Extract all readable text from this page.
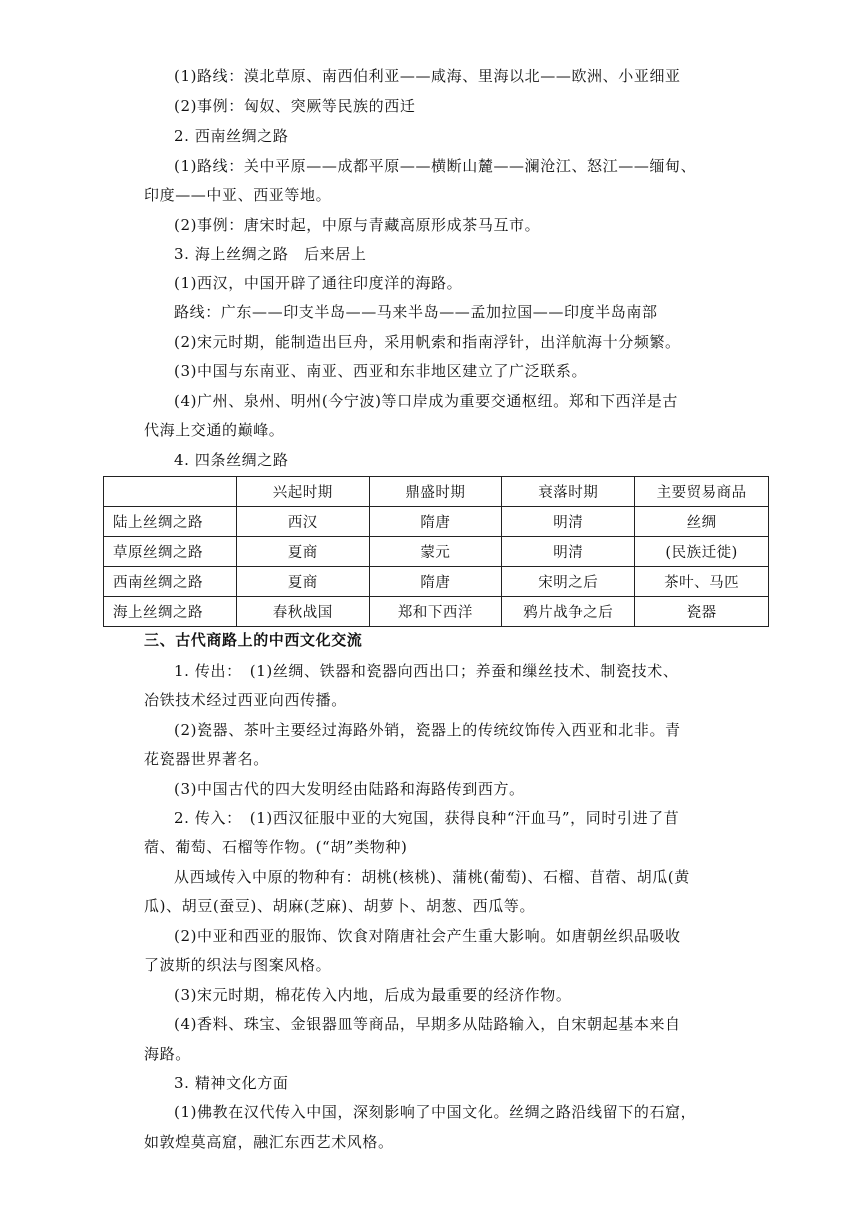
(1)路线：漠北草原、南西伯利亚——咸海、里海以北——欧洲、小亚细亚
(2)事例：匈奴、突厥等民族的西迁
2. 西南丝绸之路
(1)路线：关中平原——成都平原——横断山麓——澜沧江、怒江——缅甸、
印度——中亚、西亚等地。
(2)事例：唐宋时起，中原与青藏高原形成茶马互市。
3. 海上丝绸之路　后来居上
(1)西汉，中国开辟了通往印度洋的海路。
路线：广东——印支半岛——马来半岛——孟加拉国——印度半岛南部
(2)宋元时期，能制造出巨舟，采用帆索和指南浮针，出洋航海十分频繁。
(3)中国与东南亚、南亚、西亚和东非地区建立了广泛联系。
(4)广州、泉州、明州(今宁波)等口岸成为重要交通枢纽。郑和下西洋是古
代海上交通的巅峰。
4. 四条丝绸之路
	兴起时期	鼎盛时期	衰落时期	主要贸易商品
陆上丝绸之路	西汉	隋唐	明清	丝绸
草原丝绸之路	夏商	蒙元	明清	(民族迁徙)
西南丝绸之路	夏商	隋唐	宋明之后	茶叶、马匹
海上丝绸之路	春秋战国	郑和下西洋	鸦片战争之后	瓷器
三、古代商路上的中西文化交流
1. 传出：　(1)丝绸、铁器和瓷器向西出口；养蚕和缫丝技术、制瓷技术、
冶铁技术经过西亚向西传播。
(2)瓷器、茶叶主要经过海路外销，瓷器上的传统纹饰传入西亚和北非。青
花瓷器世界著名。
(3)中国古代的四大发明经由陆路和海路传到西方。
2. 传入：　(1)西汉征服中亚的大宛国，获得良种“汗血马”，同时引进了苜
蓿、葡萄、石榴等作物。(“胡”类物种)
从西域传入中原的物种有：胡桃(核桃)、蒲桃(葡萄)、石榴、苜蓿、胡瓜(黄
瓜)、胡豆(蚕豆)、胡麻(芝麻)、胡萝卜、胡葱、西瓜等。
(2)中亚和西亚的服饰、饮食对隋唐社会产生重大影响。如唐朝丝织品吸收
了波斯的织法与图案风格。
(3)宋元时期，棉花传入内地，后成为最重要的经济作物。
(4)香料、珠宝、金银器皿等商品，早期多从陆路输入，自宋朝起基本来自
海路。
3. 精神文化方面
(1)佛教在汉代传入中国，深刻影响了中国文化。丝绸之路沿线留下的石窟，
如敦煌莫高窟，融汇东西艺术风格。
